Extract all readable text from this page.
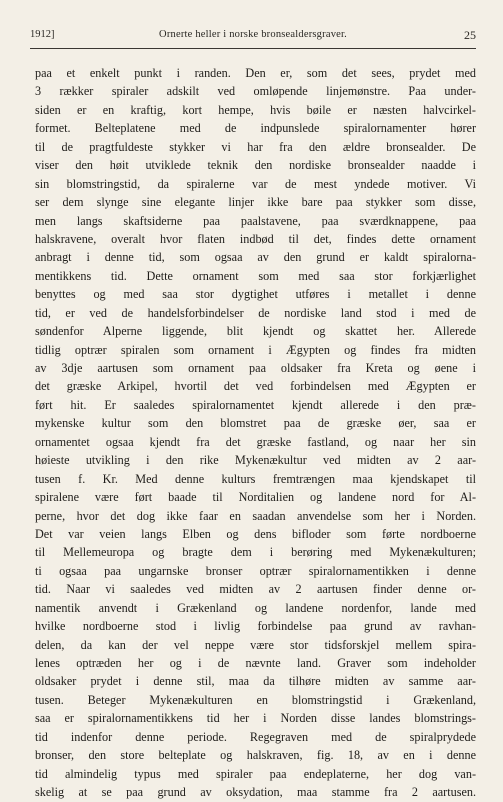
1912]	Ornerte heller i norske bronsealdersgraver.	25
paa et enkelt punkt i randen. Den er, som det sees, prydet med
3 rækker spiraler adskilt ved omløpende linjemønstre. Paa under-
siden er en kraftig, kort hempe, hvis bøile er næsten halvcirkel-
formet. Belteplatene med de indpunslede spiralornamenter hører
til de pragtfuldeste stykker vi har fra den ældre bronsealder. De
viser den høit utviklede teknik den nordiske bronsealder naadde i
sin blomstringstid, da spiralerne var de mest yndede motiver. Vi
ser dem slynge sine elegante linjer ikke bare paa stykker som disse,
men langs skaftsiderne paa paalstavene, paa sværdknappene, paa
halskravene, overalt hvor flaten indbød til det, findes dette ornament
anbragt i denne tid, som ogsaa av den grund er kaldt spiralorna-
mentikkens tid. Dette ornament som med saa stor forkjærlighet
benyttes og med saa stor dygtighet utføres i metallet i denne
tid, er ved de handelsforbindelser de nordiske land stod i med de
søndenfor Alperne liggende, blit kjendt og skattet her. Allerede
tidlig optrær spiralen som ornament i Ægypten og findes fra midten
av 3dje aartusen som ornament paa oldsaker fra Kreta og øene i
det græske Arkipel, hvortil det ved forbindelsen med Ægypten er
ført hit. Er saaledes spiralornamentet kjendt allerede i den præ-
mykenske kultur som den blomstret paa de græske øer, saa er
ornamentet ogsaa kjendt fra det græske fastland, og naar her sin
høieste utvikling i den rike Mykenækultur ved midten av 2 aar-
tusen f. Kr. Med denne kulturs fremtrængen maa kjendskapet til
spiralene være ført baade til Norditalien og landene nord for Al-
perne, hvor det dog ikke faar en saadan anvendelse som her i Norden.
Det var veien langs Elben og dens bifloder som førte nordboerne
til Mellemeuropa og bragte dem i berøring med Mykenækulturen;
ti ogsaa paa ungarnske bronser optrær spiralornamentikken i denne
tid. Naar vi saaledes ved midten av 2 aartusen finder denne or-
namentik anvendt i Grækenland og landene nordenfor, lande med
hvilke nordboerne stod i livlig forbindelse paa grund av ravhan-
delen, da kan der vel neppe være stor tidsforskjel mellem spira-
lenes optræden her og i de nævnte land. Graver som indeholder
oldsaker prydet i denne stil, maa da tilhøre midten av samme aar-
tusen. Beteger Mykenækulturen en blomstringstid i Grækenland,
saa er spiralornamentikkens tid her i Norden disse landes blomstrings-
tid indenfor denne periode. Regegraven med de spiralprydede
bronser, den store belteplate og halskraven, fig. 18, av en i denne
tid almindelig typus med spiraler paa endeplaterne, her dog van-
skelig at se paa grund av oksydation, maa stamme fra 2 aartusen.
